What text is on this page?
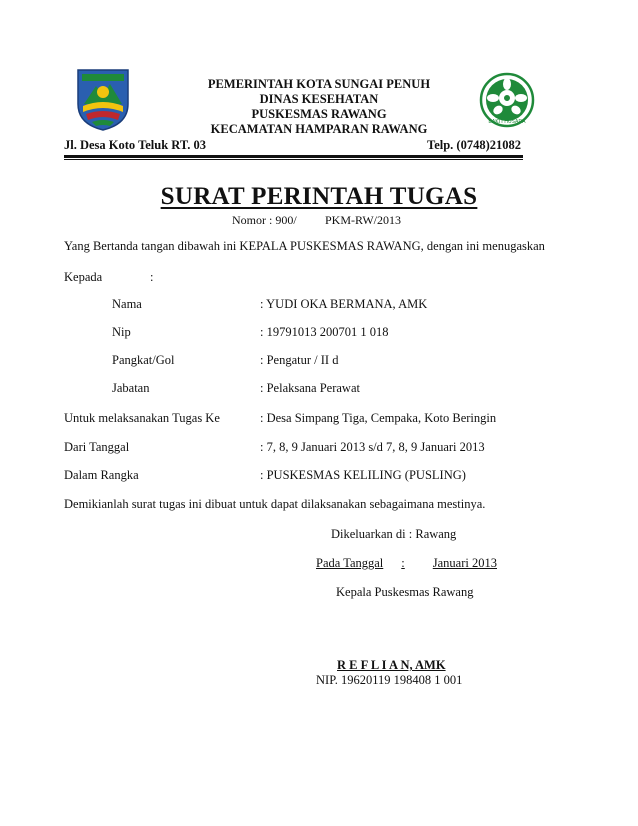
BAKTI HUSADA
PEMERINTAH KOTA SUNGAI PENUH
DINAS KESEHATAN
PUSKESMAS RAWANG
KECAMATAN HAMPARAN RAWANG
Jl. Desa Koto Teluk RT. 03	Telp. (0748)21082
SURAT PERINTAH TUGAS
Nomor : 900/ PKM-RW/2013
Yang Bertanda tangan dibawah ini KEPALA PUSKESMAS RAWANG, dengan ini menugaskan
Kepada	:
Nama	: YUDI OKA BERMANA, AMK
Nip	: 19791013 200701 1 018
Pangkat/Gol	: Pengatur / II d
Jabatan	: Pelaksana Perawat
Untuk melaksanakan Tugas Ke	: Desa Simpang Tiga, Cempaka, Koto Beringin
Dari Tanggal	: 7, 8, 9 Januari 2013 s/d 7, 8, 9 Januari 2013
Dalam Rangka	: PUSKESMAS KELILING (PUSLING)
Demikianlah surat tugas ini dibuat untuk dapat dilaksanakan sebagaimana mestinya.
Dikeluarkan di : Rawang
Pada Tanggal : Januari 2013
Kepala Puskesmas Rawang
R E F L I A N, AMK
NIP. 19620119 198408 1 001
